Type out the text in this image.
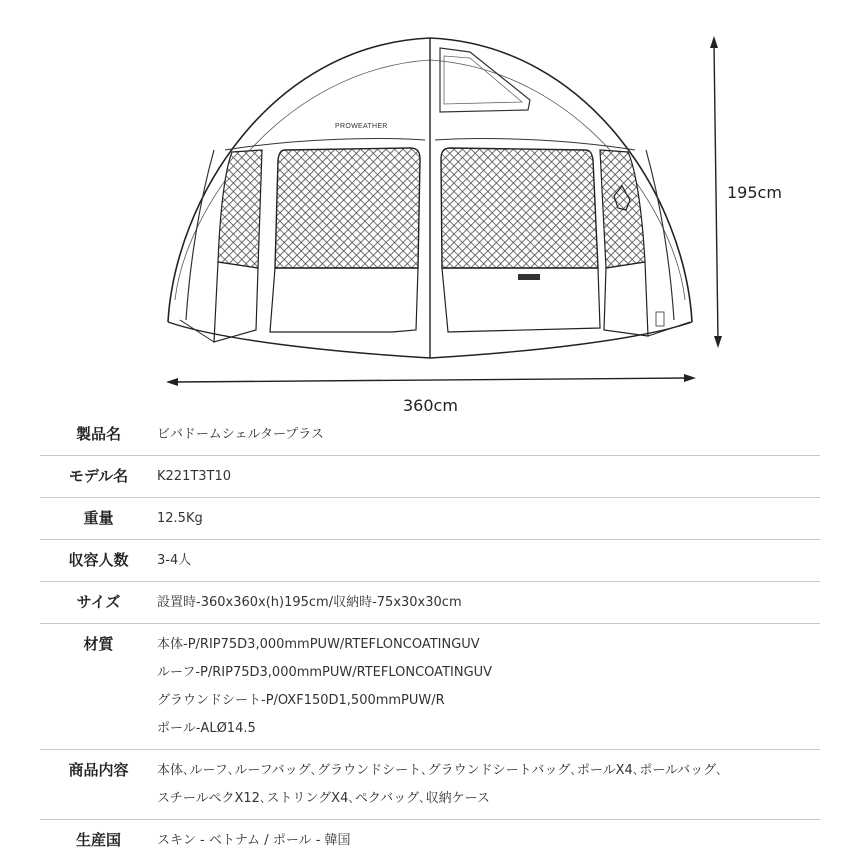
PROWEATHER
195cm
360cm
製品名	ビバドームシェルタープラス
モデル名	K221T3T10
重量	12.5Kg
収容人数	3-4人
サイズ	設置時-360x360x(h)195cm/収納時-75x30x30cm
材質	本体-P/RIP75D3,000mmPUW/RTEFLONCOATINGUV
ルーフ-P/RIP75D3,000mmPUW/RTEFLONCOATINGUV
グラウンドシート-P/OXF150D1,500mmPUW/R
ポール-ALØ14.5
商品内容	本体､ルーフ､ルーフバッグ､グラウンドシート､グラウンドシートバッグ､ポールX4､ポールバッグ､
スチールペクX12､ストリングX4､ペクバッグ､収納ケース
生産国	スキン - ベトナム / ポール - 韓国
